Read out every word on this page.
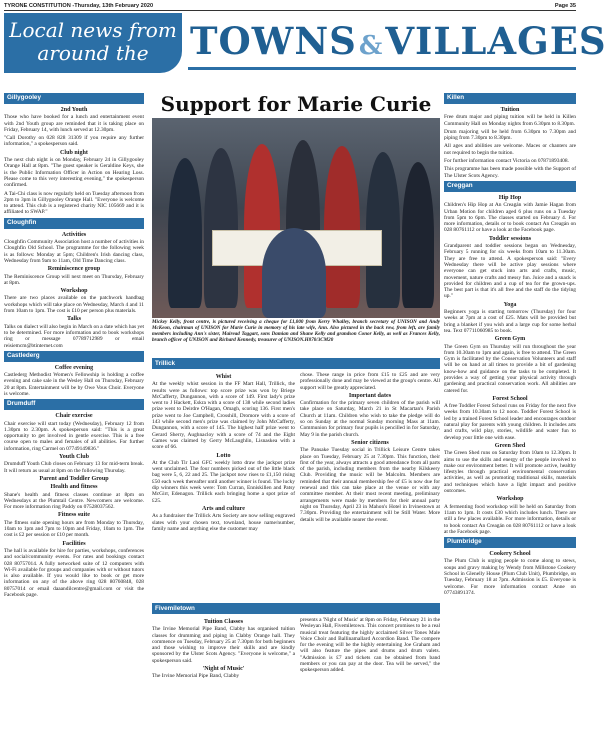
TYRONE CONSTITUTION -Thursday, 13th February 2020	Page 35
Local news from
around the	TOWNS&VILLAGES
Gillygooley
2nd Youth

Those who have booked for a lunch and entertainment event with 2nd Youth group are reminded that it is taking place on Friday, February 14, with lunch served at 12.30pm.

"Call Dorothy on 028 828 31309 if you require any further information," a spokesperson said.

Club night

The next club night is on Monday, February 24 in Gillygooley Orange Hall at 8pm. "The guest speaker is Geraldine Keys, she is the Public Information Officer in Action on Hearing Loss. Please come to this very interesting evening," the spokesperson confirmed.

A Tai-Chi class is now regularly held on Tuesday afternoon from 2pm to 3pm in Gillygooley Orange Hall. "Everyone is welcome to attend. This club is a registered charity NIC 105669 and it is affiliated to SWAP."

Cloughfin
Activities

Cloughfin Community Association host a number of activities in Cloughfin Old School. The programme for the following week is as follows: Monday at 5pm; Children's Irish dancing class, Wednesday from 9am to 11am, Old Time Dancing class.

Reminiscence group

The Reminiscence Group will next meet on Thursday, February at 8pm.

Workshop

There are two places available on the patchwork handbag workshops which will take place on Wednesday, March 4 and 11 from 10am to 1pm. The cost is £10 per person plus materials.

Talks

Talks on dialect will also begin in March on a date which has yet to be determined. For more information and to book workshops ring or message 07789712989 or email reisiemcm@btinternet.com

Castlederg
Coffee evening

Castlederg Methodist Women's Fellowship is holding a coffee evening and cake sale in the Wesley Hall on Thursday, February 20 at 8pm. Entertainment will be by Owe Vous Choir. Everyone is welcome.

Drumduff
Chair exercise

Chair exercise will start today (Wednesday), February 12 from 1.30pm to 2.30pm. A spokesperson said: "This is a great opportunity to get involved in gentle exercise. This is a free course open to males and females of all abilities. For further information, ring Carmel on 07749149836."

Youth Club

Drumduff Youth Club closes on February 13 for mid-term break. It will return as usual at 8pm on the following Thursday.

Parent and Toddler Group
Health and fitness

Shane's health and fitness classes continue at 8pm on Wednesdays at the Plumtail Centre. Newcomers are welcome. For more information ring Paddy on 07528037562.

Fitness suite

The fitness suite opening hours are from Monday to Thursday, 10am to 1pm and 7pm to 10pm and Friday, 10am to 1pm. The cost is £2 per session or £10 per month.

Facilities

The hall is available for hire for parties, workshops, conferences and social/community events. For rates and bookings contact 028 80757014. A fully networked suite of 12 computers with Wi-Fi available for groups and companies with or without tutors is also available. If you would like to book or get more information on any of the above ring 028 80760848, 028 80757014 or email daaandilcentre@gmail.com or visit the Facebook page.

Support for Marie Curie
Mickey Kelly, front centre, is pictured receiving a cheque for £1,000 from Kerry Whalley, branch secretary of UNISON and Andy McKeon, chairman of UNISON for Marie Curie in memory of his late wife, Ann. Also pictured in the back row, from left, are family members including Ann's sister, Mairead Taggart, sons Damian and Shane Kelly and grandson Conor Kelly, as well as Frances Kelly, branch officer of UNISON and Richard Kennedy, treasurer of UNISON.H870/3CM20
Trillick
Whist

At the weekly whist session in the FF Mart Hall, Trillick, the results were as follows: top score prize was won by Briege McCafferty, Dungannon, with a score of 149. First lady's prize went to J Hackett, Eskra with a score of 138 while second ladies prize went to Deirdre O'Hagan, Omagh, scoring 136. First men's prize went to Joe Campbell, Crosshill, Dromore with a score of 143 while second men's prize was claimed by John McCafferty, Dungannon, with a score of 145. The highest half prize went to Gerard Sherry, Aughnacloy with a score of 74 and the Eight Games was claimed by Gerry McLaughlin, Lisnaskea with a score of 66.

Lotto

At the Club Tir Laoi GFC weekly lotto draw the jackpot prize went unclaimed. The four numbers picked out of the little black bag were 5, 6, 22 and 25. The jackpot now rises to £1,150 rising £50 each week thereafter until another winner is found. The lucky dip winners this week were: Tom Curran, Enniskillen and Patsy McGirr, Edenagon. Trillick each bringing home a spot prize of £25.

Arts and culture

As a fundraiser the Trillick Arts Society are now selling engraved slates with your chosen text, townland, house name/number, family name and anything else the customer may

chose. These range in price from £15 to £25 and are very professionally done and may be viewed at the group's centre. All support will be greatly appreciated.

Important dates

Confirmation for the primary seven children of the parish will take place on Saturday, March 21 in St Macartan's Parish Church at 11am. Children who wish to take the pledge will do so on Sunday at the normal Sunday morning Mass at 11am. Communion for primary four pupils is pencilled in for Saturday, May 9 in the parish church.

Senior citizens

The Pansake Tuesday social in Trillick Leisure Centre takes place on Tuesday, February 25 at 7.30pm. This function, their first of the year, always attracts a good attendance from all parts of the parish, including members from the nearby Kilskeery Club. Providing the music will be Malcolm. Members are reminded that their annual membership fee of £5 is now due for renewal and this can take place at the venue or with any committee member. At their most recent meeting, preliminary arrangements were made by members for their annual party night on Thursday, April 23 in Mahon's Hotel in Irvinestown at 7.30pm. Providing the entertainment will be Still Water. More details will be available nearer the event.

Fivemiletown
Tuition Classes

The Irvine Memorial Pipe Band, Clabby has organised tuition classes for drumming and piping in Clabby Orange hall. They commence on Tuesday, February 25 at 7.30pm for both beginners and those wishing to improve their skills and are kindly sponsored by the Ulster Scots Agency. "Everyone is welcome," a spokesperson said.

'Night of Music'

The Irvine Memorial Pipe Band, Clabby

presents a 'Night of Music' at 8pm on Friday, February 21 in the Wesleyan Hall, Fivemiletown. This concert promises to be a real musical treat featuring the highly acclaimed Silver Tones Male Voice Choir and Ballinamallard Accordion Band. The compere for the evening will be the highly entertaining Joe Graham and will also feature the pipes and drums and drum valets. "Admission is £7 and tickets can be obtained from band members or you can pay at the door. Tea will be served," the spokesperson added.

Killen
Tuition

Free drum major and piping tuition will be held in Killen Community Hall on Monday nights from 6.30pm to 8.30pm.

Drum majoring will be held from 6.30pm to 7.30pm and piping from 7.30pm to 8.30pm.

All ages and abilities are welcome. Maces or chanters are not required to begin the tuition.

For further information contact Victoria on 07871893408.

This programme has been made possible with the Support of The Ulster Scots Agency.

Creggan
Hip Hop

Children's Hip Hop at An Creagán with Jamie Hagan from Urban Motion for children aged 6 plus runs on a Tuesday from 5pm to 6pm. The classes started on February 4. For more information, details or to book contact An Creagán on 028 80761112 or have a look at the Facebook page.

Toddler sessions

Grandparent and toddler sessions began on Wednesday, February 5 running for six weeks from 10am to 11.30am. They are free to attend. A spokesperson said: "Every Wednesday there will be active play sessions where everyone can get stuck into arts and crafts, music, movement, nature crafts and messy fun. Juice and a snack is provided for children and a cup of tea for the grown-ups. The best part is that it's all free and the staff do the tidying up."

Yoga

Beginners yoga is starting tomorrow (Thursday) for four weeks at 7pm at a cost of £25. Mats will be provided but bring a blanket if you wish and a large cup for some herbal tea. Text 07711060985 to book.

Green Gym

The Green Gym on Thursday will run throughout the year from 10.30am to 1pm and again, is free to attend. The Green Gym is facilitated by the Conservation Volunteers and staff will be on hand at all times to provide a bit of gardening know-how and guidance on the tasks to be completed. It provides a way of getting your physical activity through gardening and practical conservation work. All abilities are catered for.

Forest School

A free Toddler Forest School runs on Friday for the next five weeks from 10.30am to 12 noon. Toddler Forest School is led by a trained Forest School leader and encourages outdoor natural play for parents with young children. It includes arts and crafts, wild play, stories, wildlife and water fun to develop your little one with ease.

Green Shed

The Green Shed runs on Saturday from 10am to 12.30pm. It aims to use the skills and energy of the people involved to make our environment better. It will promote active, healthy lifestyles through practical environmental conservation activities, as well as promoting traditional skills, materials and techniques which have a light impact and positive outcomes.

Workshop

A fermenting food workshop will be held on Saturday from 11am to 1pm. It costs £30 which includes lunch. There are still a few places available. For more information, details or to book contact An Creagán on 028 80761112 or have a look at the Facebook page.

Plumbridge
Cookery School

The Plum Club is urging people to come along to stews, soups and gravy making by Wendy from Millstone Cookery School in Glenelly House (Plum Club Unit), Plumbridge, on Tuesday, February 18 at 7pm. Admission is £5. Everyone is welcome. For more information contact Anne on 07743891374.
